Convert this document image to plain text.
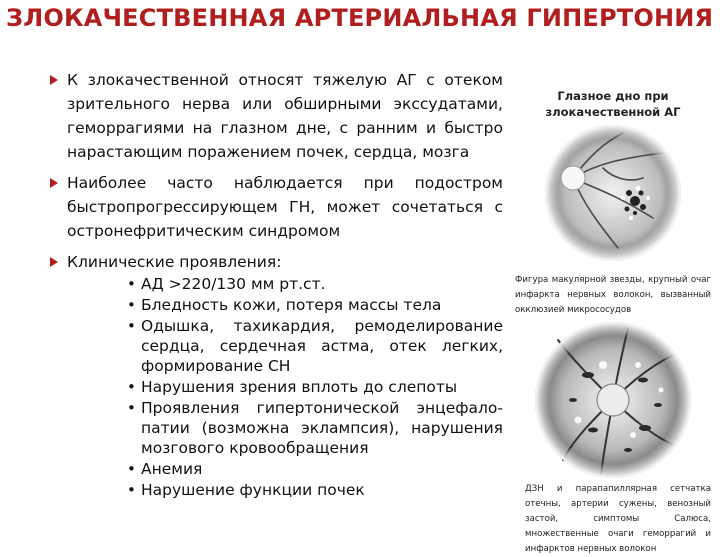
ЗЛОКАЧЕСТВЕННАЯ АРТЕРИАЛЬНАЯ ГИПЕРТОНИЯ
К злокачественной относят тяжелую АГ с отеком зрительного нерва или обширными экссудатами, геморрагиями на глазном дне, с ранним и быстро нарастающим поражением почек, сердца, мозга
Наиболее часто наблюдается при подостром быстропрогрессирующем ГН, может сочетаться с остронефритическим синдромом
Клинические проявления:
• АД >220/130 мм рт.ст.
• Бледность кожи, потеря массы тела
• Одышка, тахикардия, ремоделирование сердца, сердечная астма, отек легких, формирование СН
• Нарушения зрения вплоть до слепоты
• Проявления гипертонической энцефало-патии (возможна эклампсия), нарушения мозгового кровообращения
• Анемия
• Нарушение функции почек
Глазное дно при злокачественной АГ
Фигура макулярной звезды, крупный очаг инфаркта нервных волокон, вызванный окклюзией микрососудов
ДЗН и парапапиллярная сетчатка отечны, артерии сужены, венозный застой, симптомы Салюса, множественные очаги геморрагий и инфарктов нервных волокон
